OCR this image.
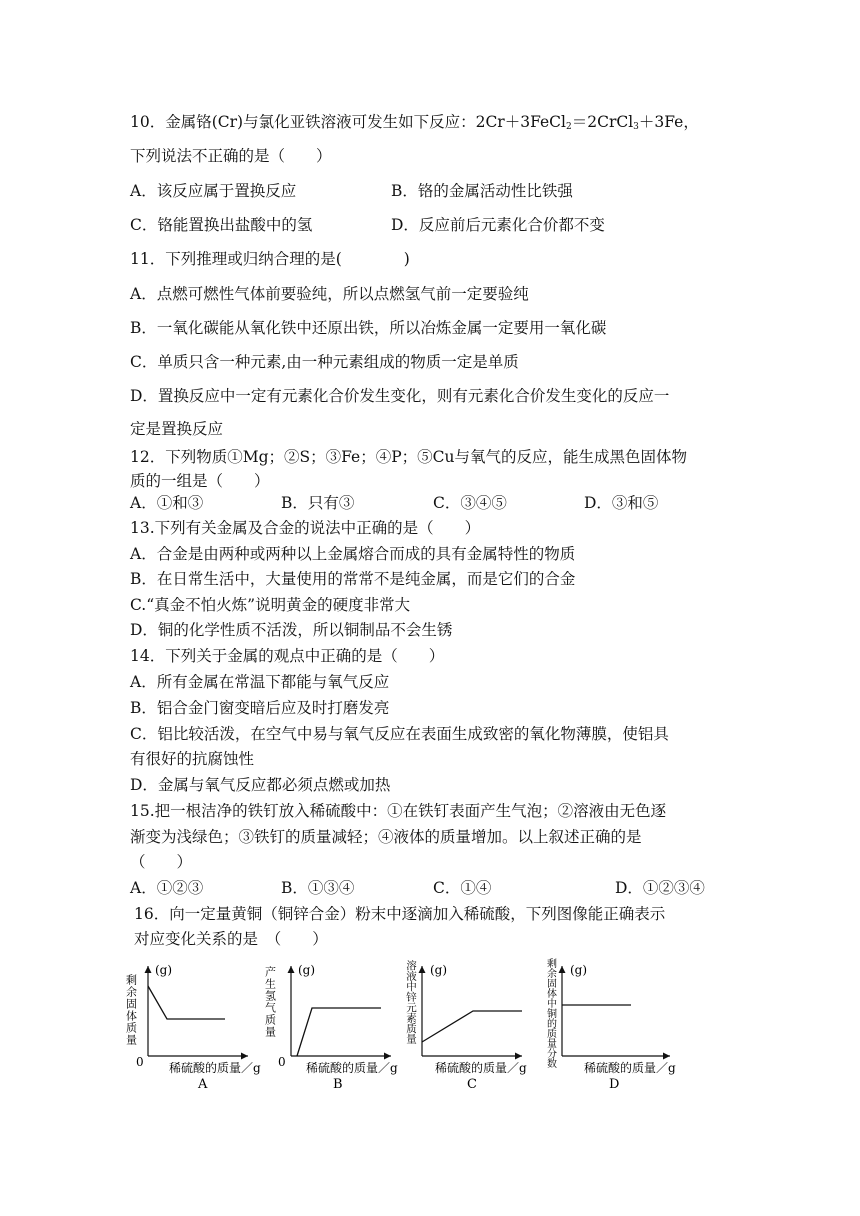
10．金属铬(Cr)与氯化亚铁溶液可发生如下反应：2Cr＋3FeCl$_2$＝2CrCl$_3$＋3Fe，
下列说法不正确的是（　　）
A．该反应属于置换反应	B．铬的金属活动性比铁强
C．铬能置换出盐酸中的氢	D．反应前后元素化合价都不变
11．下列推理或归纳合理的是(　　　　)
A．点燃可燃性气体前要验纯，所以点燃氢气前一定要验纯
B．一氧化碳能从氧化铁中还原出铁，所以冶炼金属一定要用一氧化碳
C．单质只含一种元素,由一种元素组成的物质一定是单质
D．置换反应中一定有元素化合价发生变化，则有元素化合价发生变化的反应一
定是置换反应
12．下列物质①Mg；②S；③Fe；④P；⑤Cu与氧气的反应，能生成黑色固体物
质的一组是（　　）
A．①和③	B．只有③	C．③④⑤	D．③和⑤
13.下列有关金属及合金的说法中正确的是（　　）
A．合金是由两种或两种以上金属熔合而成的具有金属特性的物质
B．在日常生活中，大量使用的常常不是纯金属，而是它们的合金
C.“真金不怕火炼”说明黄金的硬度非常大
D．铜的化学性质不活泼，所以铜制品不会生锈
14．下列关于金属的观点中正确的是（　　）
A．所有金属在常温下都能与氧气反应
B．铝合金门窗变暗后应及时打磨发亮
C．铝比较活泼，在空气中易与氧气反应在表面生成致密的氧化物薄膜，使铝具
有很好的抗腐蚀性
D．金属与氧气反应都必须点燃或加热
15.把一根洁净的铁钉放入稀硫酸中：①在铁钉表面产生气泡；②溶液由无色逐
渐变为浅绿色；③铁钉的质量减轻；④液体的质量增加。以上叙述正确的是
（　　）
A．①②③	B．①③④	C．①④	D．①②③④
16．向一定量黄铜（铜锌合金）粉末中逐滴加入稀硫酸，下列图像能正确表示
对应变化关系的是　（　　）
(g)
0 稀硫酸的质量／g
A
剩余固体质量
(g)
0 稀硫酸的质量／g
B
产生氢气质量	(g)
稀硫酸的质量／g
C
溶液中锌元素质量	(g)
稀硫酸的质量／g
D
剩余固体中铜的质量分数
